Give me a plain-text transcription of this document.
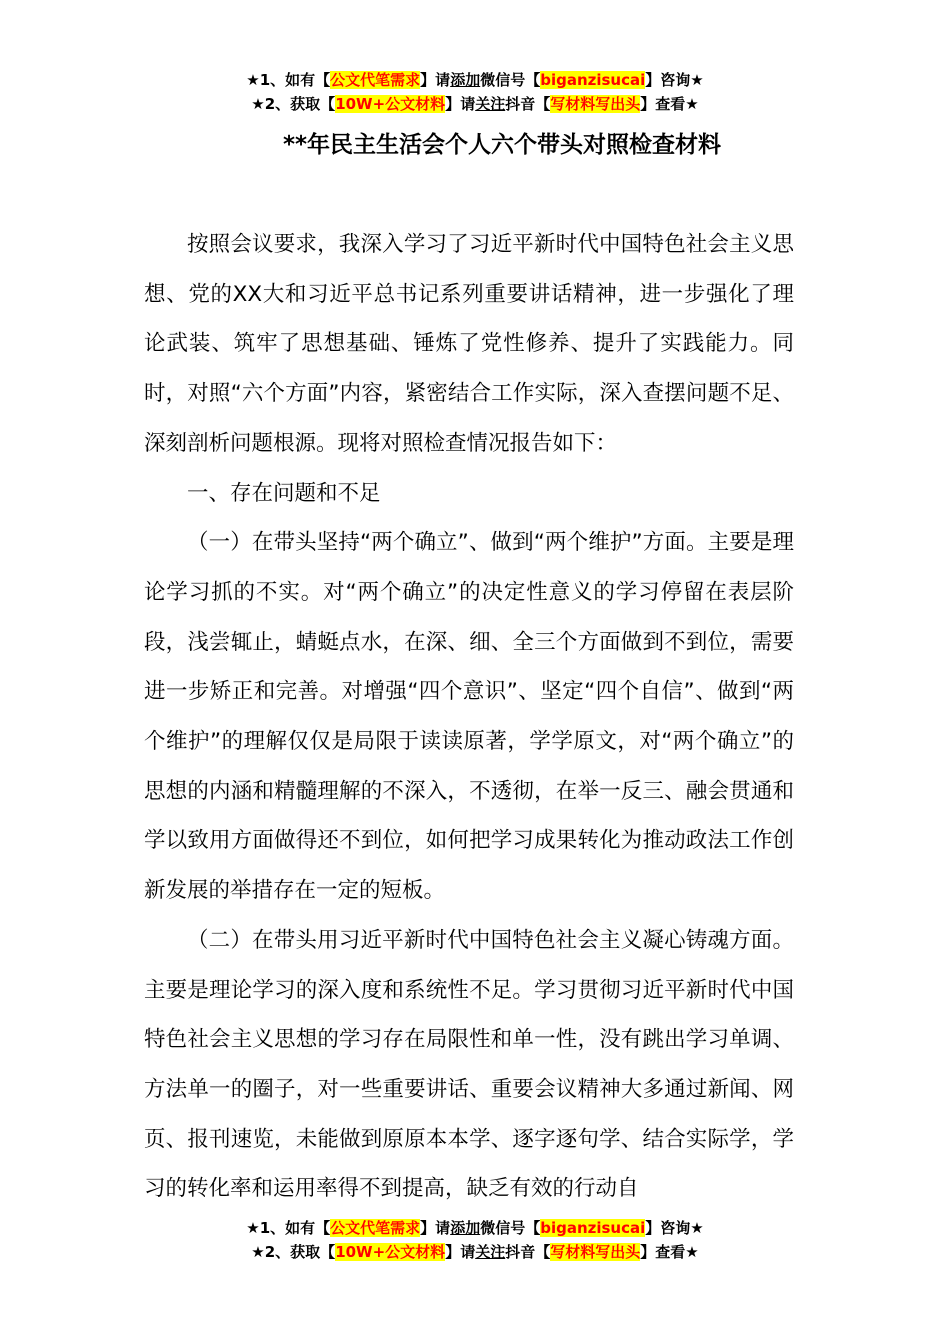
★1、如有【公文代笔需求】请添加微信号【biganzisucai】咨询★
★2、获取【10W+公文材料】请关注抖音【写材料写出头】查看★
**年民主生活会个人六个带头对照检查材料

按照会议要求，我深入学习了习近平新时代中国特色社会主义思想、党的XX大和习近平总书记系列重要讲话精神，进一步强化了理论武装、筑牢了思想基础、锤炼了党性修养、提升了实践能力。同时，对照“六个方面”内容，紧密结合工作实际，深入查摆问题不足、深刻剖析问题根源。现将对照检查情况报告如下：

一、存在问题和不足

（一）在带头坚持“两个确立”、做到“两个维护”方面。主要是理论学习抓的不实。对“两个确立”的决定性意义的学习停留在表层阶段，浅尝辄止，蜻蜓点水，在深、细、全三个方面做到不到位，需要进一步矫正和完善。对增强“四个意识”、坚定“四个自信”、做到“两个维护”的理解仅仅是局限于读读原著，学学原文，对“两个确立”的思想的内涵和精髓理解的不深入，不透彻，在举一反三、融会贯通和学以致用方面做得还不到位，如何把学习成果转化为推动政法工作创新发展的举措存在一定的短板。

（二）在带头用习近平新时代中国特色社会主义凝心铸魂方面。主要是理论学习的深入度和系统性不足。学习贯彻习近平新时代中国特色社会主义思想的学习存在局限性和单一性，没有跳出学习单调、方法单一的圈子，对一些重要讲话、重要会议精神大多通过新闻、网页、报刊速览，未能做到原原本本学、逐字逐句学、结合实际学，学习的转化率和运用率得不到提高，缺乏有效的行动自

★1、如有【公文代笔需求】请添加微信号【biganzisucai】咨询★
★2、获取【10W+公文材料】请关注抖音【写材料写出头】查看★
